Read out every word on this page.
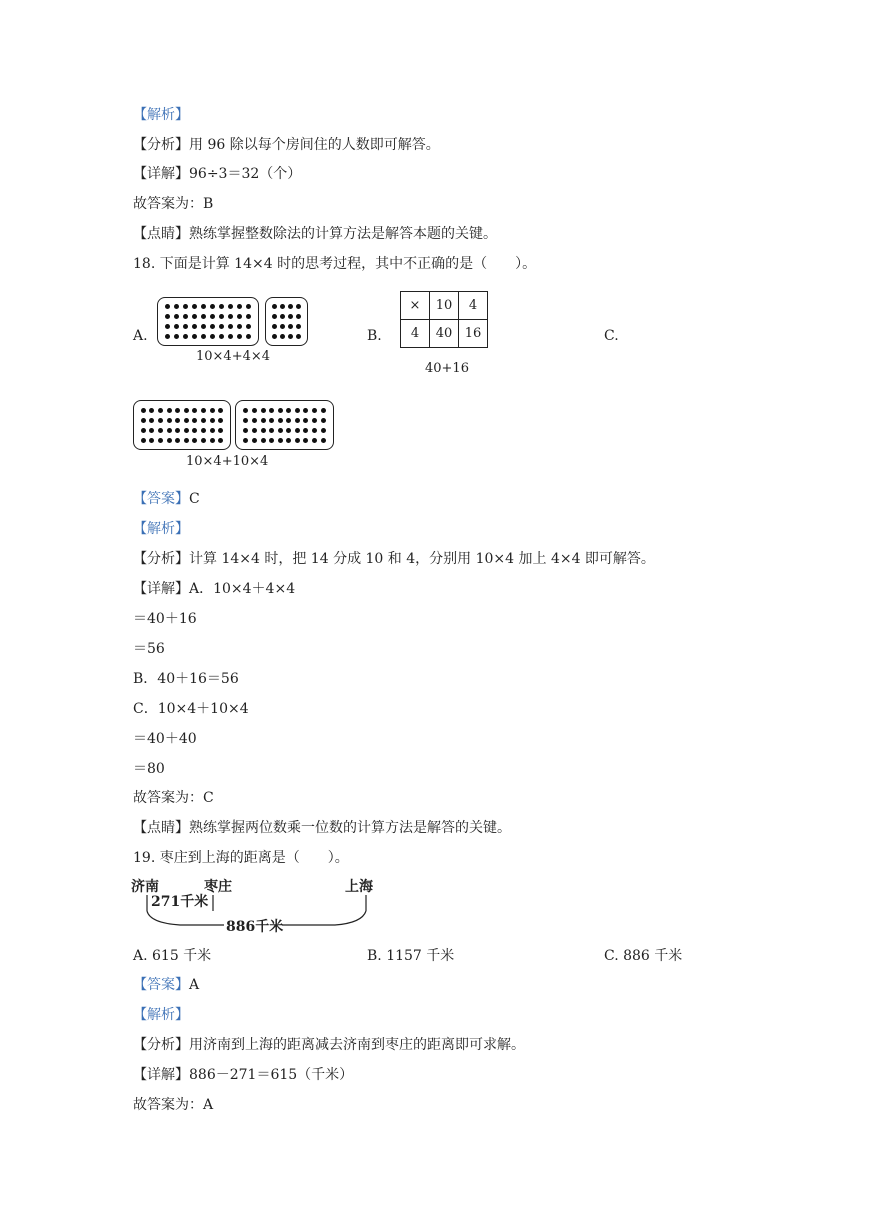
【解析】
【分析】用 96 除以每个房间住的人数即可解答。
【详解】96÷3＝32（个）
故答案为：B
【点睛】熟练掌握整数除法的计算方法是解答本题的关键。
18. 下面是计算 14×4 时的思考过程，其中不正确的是（　　）。
A.
10×4+4×4
B.
×	10	4
4	40	16
40+16
C.
10×4+10×4
【答案】C
【解析】
【分析】计算 14×4 时，把 14 分成 10 和 4，分别用 10×4 加上 4×4 即可解答。
【详解】A．10×4＋4×4
＝40＋16
＝56
B．40＋16＝56
C．10×4＋10×4
＝40＋40
＝80
故答案为：C
【点睛】熟练掌握两位数乘一位数的计算方法是解答的关键。
19. 枣庄到上海的距离是（　　）。
济南	枣庄	上海
271千米
886千米
A. 615 千米	B. 1157 千米	C. 886 千米
【答案】A
【解析】
【分析】用济南到上海的距离减去济南到枣庄的距离即可求解。
【详解】886－271＝615（千米）
故答案为：A
